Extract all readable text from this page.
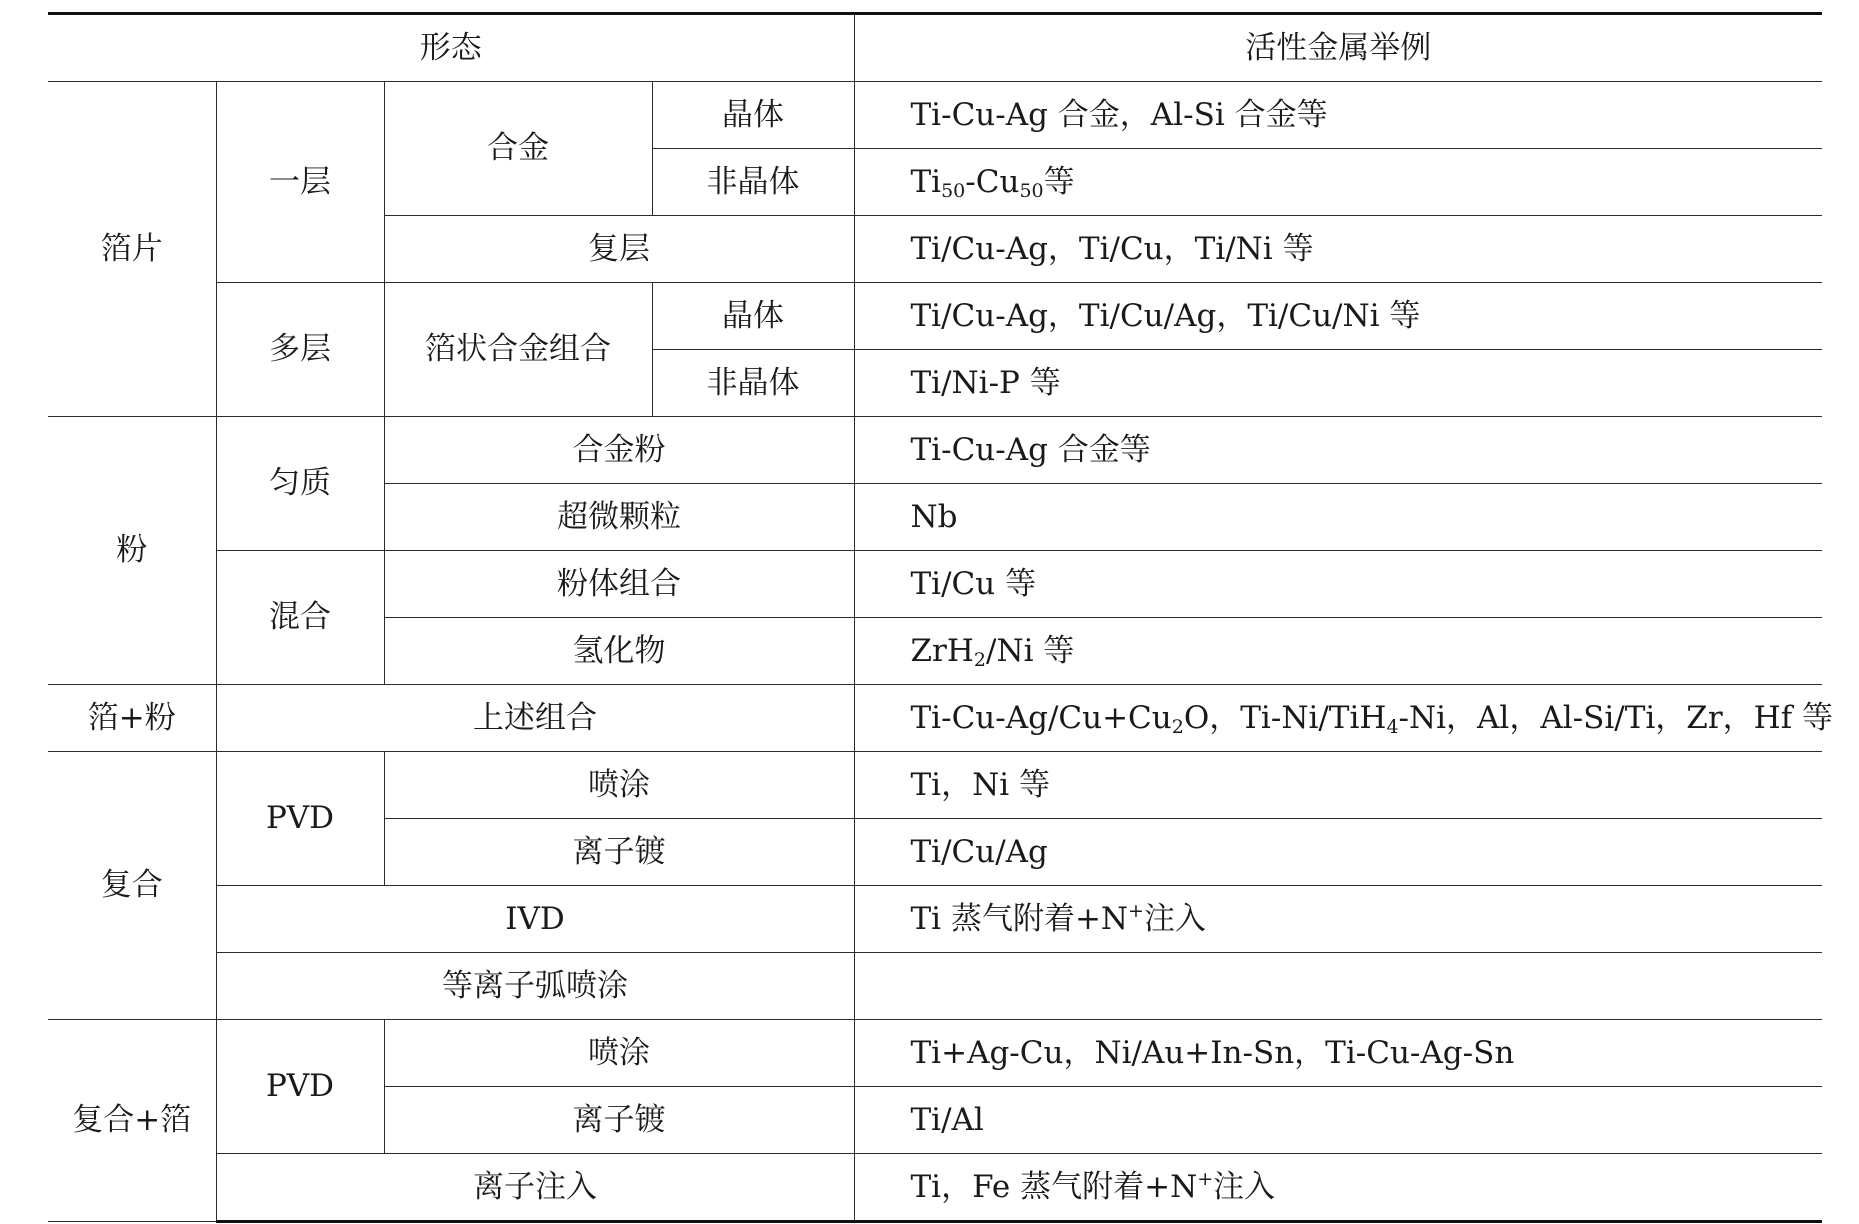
形态				活性金属举例
箔片	一层	合金	晶体	Ti-Cu-Ag 合金，Al-Si 合金等
			非晶体	$Ti_{50}-Cu_{50}$等
		复层		Ti/Cu-Ag，Ti/Cu，Ti/Ni 等
	多层	箔状合金组合	晶体	Ti/Cu-Ag，Ti/Cu/Ag，Ti/Cu/Ni 等
			非晶体	Ti/Ni-P 等
粉	匀质	合金粉		Ti-Cu-Ag 合金等
		超微颗粒		Nb
	混合	粉体组合		Ti/Cu 等
		氢化物		ZrH$_2$/Ni 等
箔+粉	上述组合			$Ti-Cu-Ag/Cu+Cu_2O$，Ti-Ni/TiH$_4$-Ni，Al，Al-Si/Ti，Zr，Hf 等
复合	PVD	喷涂		Ti，Ni 等
		离子镀		Ti/Cu/Ag
	IVD			Ti 蒸气附着+N+注入
	等离子弧喷涂			
复合+箔	PVD	喷涂		Ti+Ag-Cu，Ni/Au+In-Sn，Ti-Cu-Ag-Sn
		离子镀		Ti/Al
	离子注入			Ti，Fe 蒸气附着+N+注入
